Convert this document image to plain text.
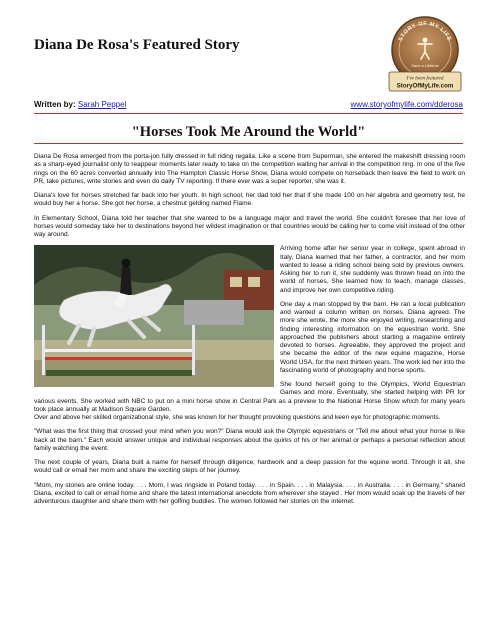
Diana De Rosa's Featured Story	STORY OF MY LIFE
Save a Lifetime
I've been featured
StoryOfMyLife.com
Written by: Sarah Peppel	www.storyofmylife.com/dderosa
"Horses Took Me Around the World"

Diana De Rosa emerged from the porta-jon fully dressed in full riding regalia. Like a scene from Superman, she entered the makeshift dressing room as a sharp-eyed journalist only to reappear moments later ready to take on the competition waiting her arrival in the competition ring. In one of the five rings on the 60 acres converted annually into The Hampton Classic Horse Show, Diana would compete on horseback then leave the field to work on PR, take pictures, write stories and even do daily TV reporting. If there ever was a super reporter, she was it.

Diana's love for horses stretched far back into her youth. In high school, her dad told her that if she made 100 on her algebra and geometry test, he would buy her a horse. She got her horse, a chestnut gelding named Flame.

In Elementary School, Diana told her teacher that she wanted to be a language major and travel the world. She couldn't foresee that her love of horses would someday take her to destinations beyond her wildest imagination or that countries would be calling her to come visit instead of the other way around.

Arriving home after her senior year in college, spent abroad in Italy, Diana learned that her father, a contractor, and her mom wanted to lease a riding school being sold by previous owners. Asking her to run it, she suddenly was thrown head on into the world of horses. She learned how to teach, manage classes, and improve her own competitive riding.

One day a man stopped by the barn. He ran a local publication and wanted a column written on horses. Diana agreed. The more she wrote, the more she enjoyed writing, researching and finding interesting information on the equestrian world. She approached the publishers about starting a magazine entirely devoted to horses. Agreeable, they approved the project and she became the editor of the new equine magazine, Horse World USA, for the next thirteen years. The work led her into the fascinating world of photography and horse sports.

She found herself going to the Olympics, World Equestrian Games and more. Eventually, she started helping with PR for various events. She worked with NBC to put on a mini horse show in Central Park as a preview to the National Horse Show which for many years took place annually at Madison Square Garden.

Over and above her skilled organizational style, she was known for her thought provoking questions and keen eye for photographic moments.

"What was the first thing that crossed your mind when you won?" Diana would ask the Olympic equestrians or "Tell me about what your horse is like back at the barn." Each would answer unique and individual responses about the quirks of his or her animal or perhaps a personal reflection about family watching the event.

The next couple of years, Diana built a name for herself through diligence, hardwork and a deep passion for the equine world. Through it all, she would call or email her mom and share the exciting steps of her journey.

"Mom, my stories are online today. . . . Mom, I was ringside in Poland today. . . . in Spain. . . . in Malaysia. . . . in Australia. . . . in Germany," shared Diana, excited to call or email home and share the latest international anecdote from wherever she stayed . Her mom would soak up the travels of her adventurous daughter and share them with her golfing buddies. The women followed her stories on the internet.
